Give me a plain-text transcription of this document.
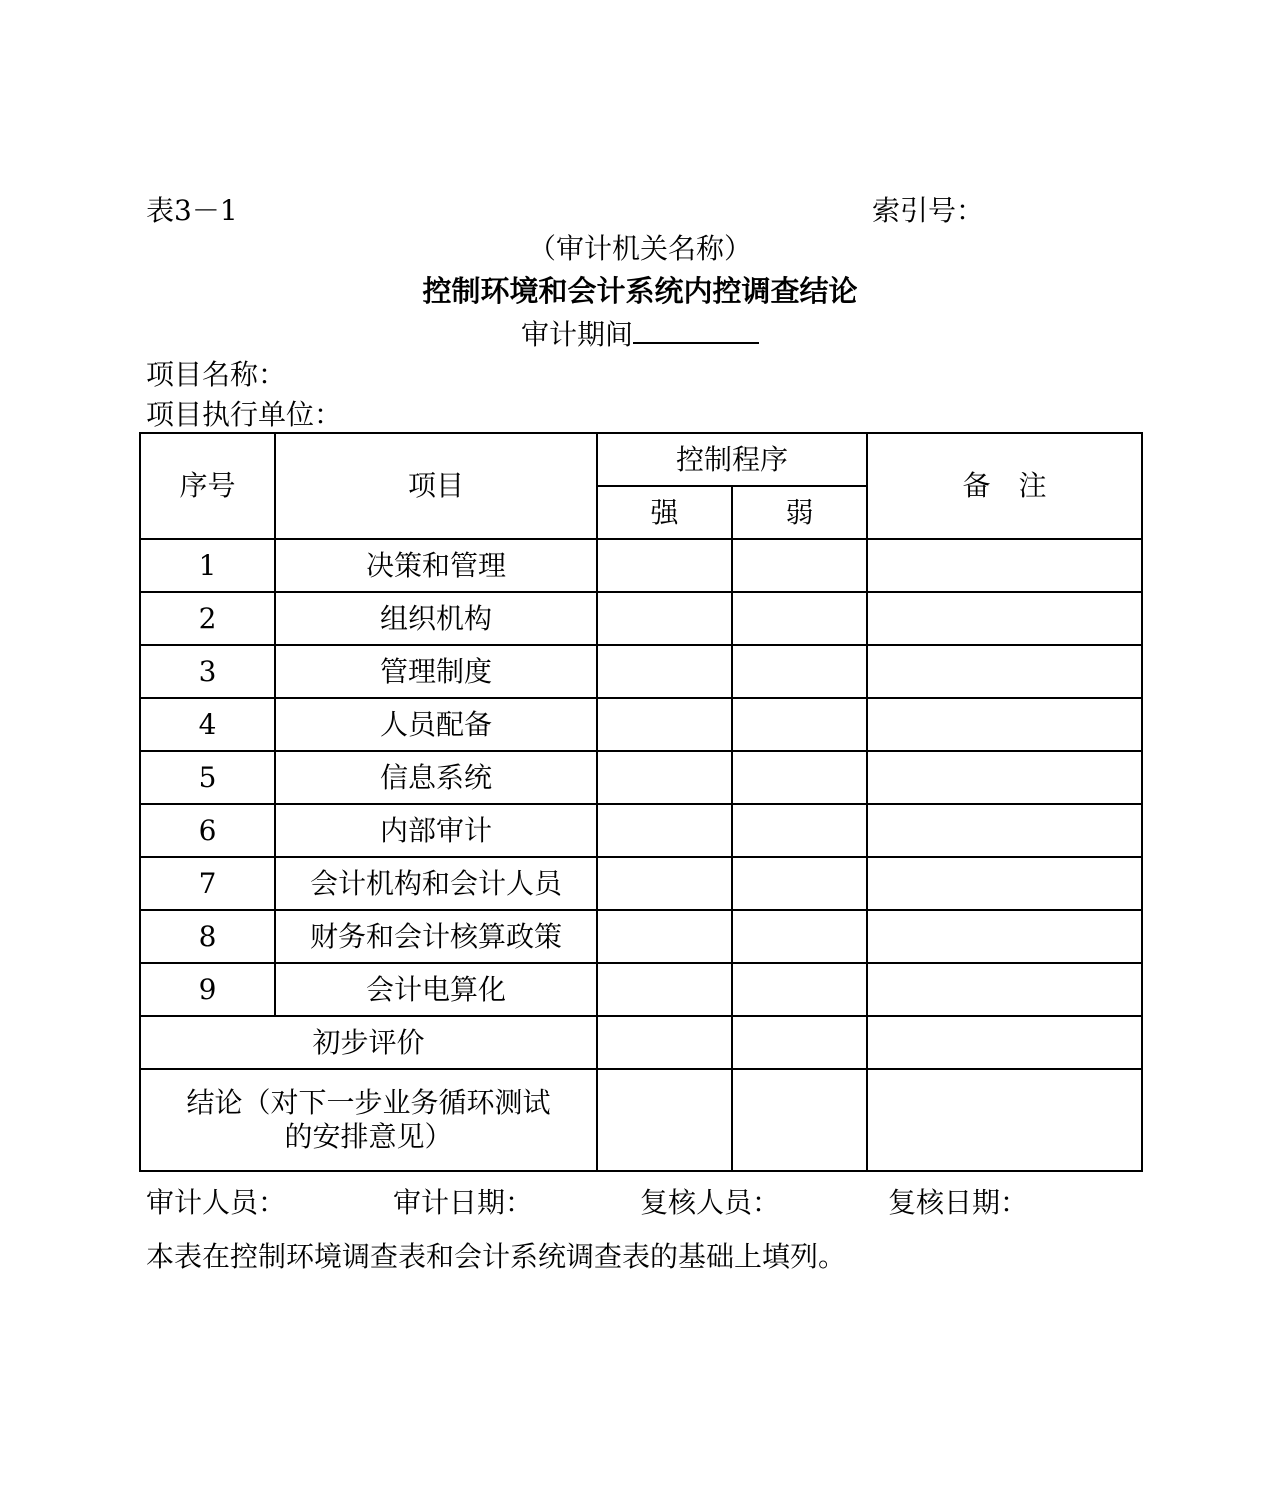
表3－1	索引号：
（审计机关名称）
控制环境和会计系统内控调查结论
审计期间
项目名称：
项目执行单位：
序号	项目	控制程序		备　注
		强	弱	
1	决策和管理			
2	组织机构			
3	管理制度			
4	人员配备			
5	信息系统			
6	内部审计			
7	会计机构和会计人员			
8	财务和会计核算政策			
9	会计电算化			
初步评价				
结论（对下一步业务循环测试的安排意见）				
审计人员：	审计日期：	复核人员：	复核日期：
本表在控制环境调查表和会计系统调查表的基础上填列。
